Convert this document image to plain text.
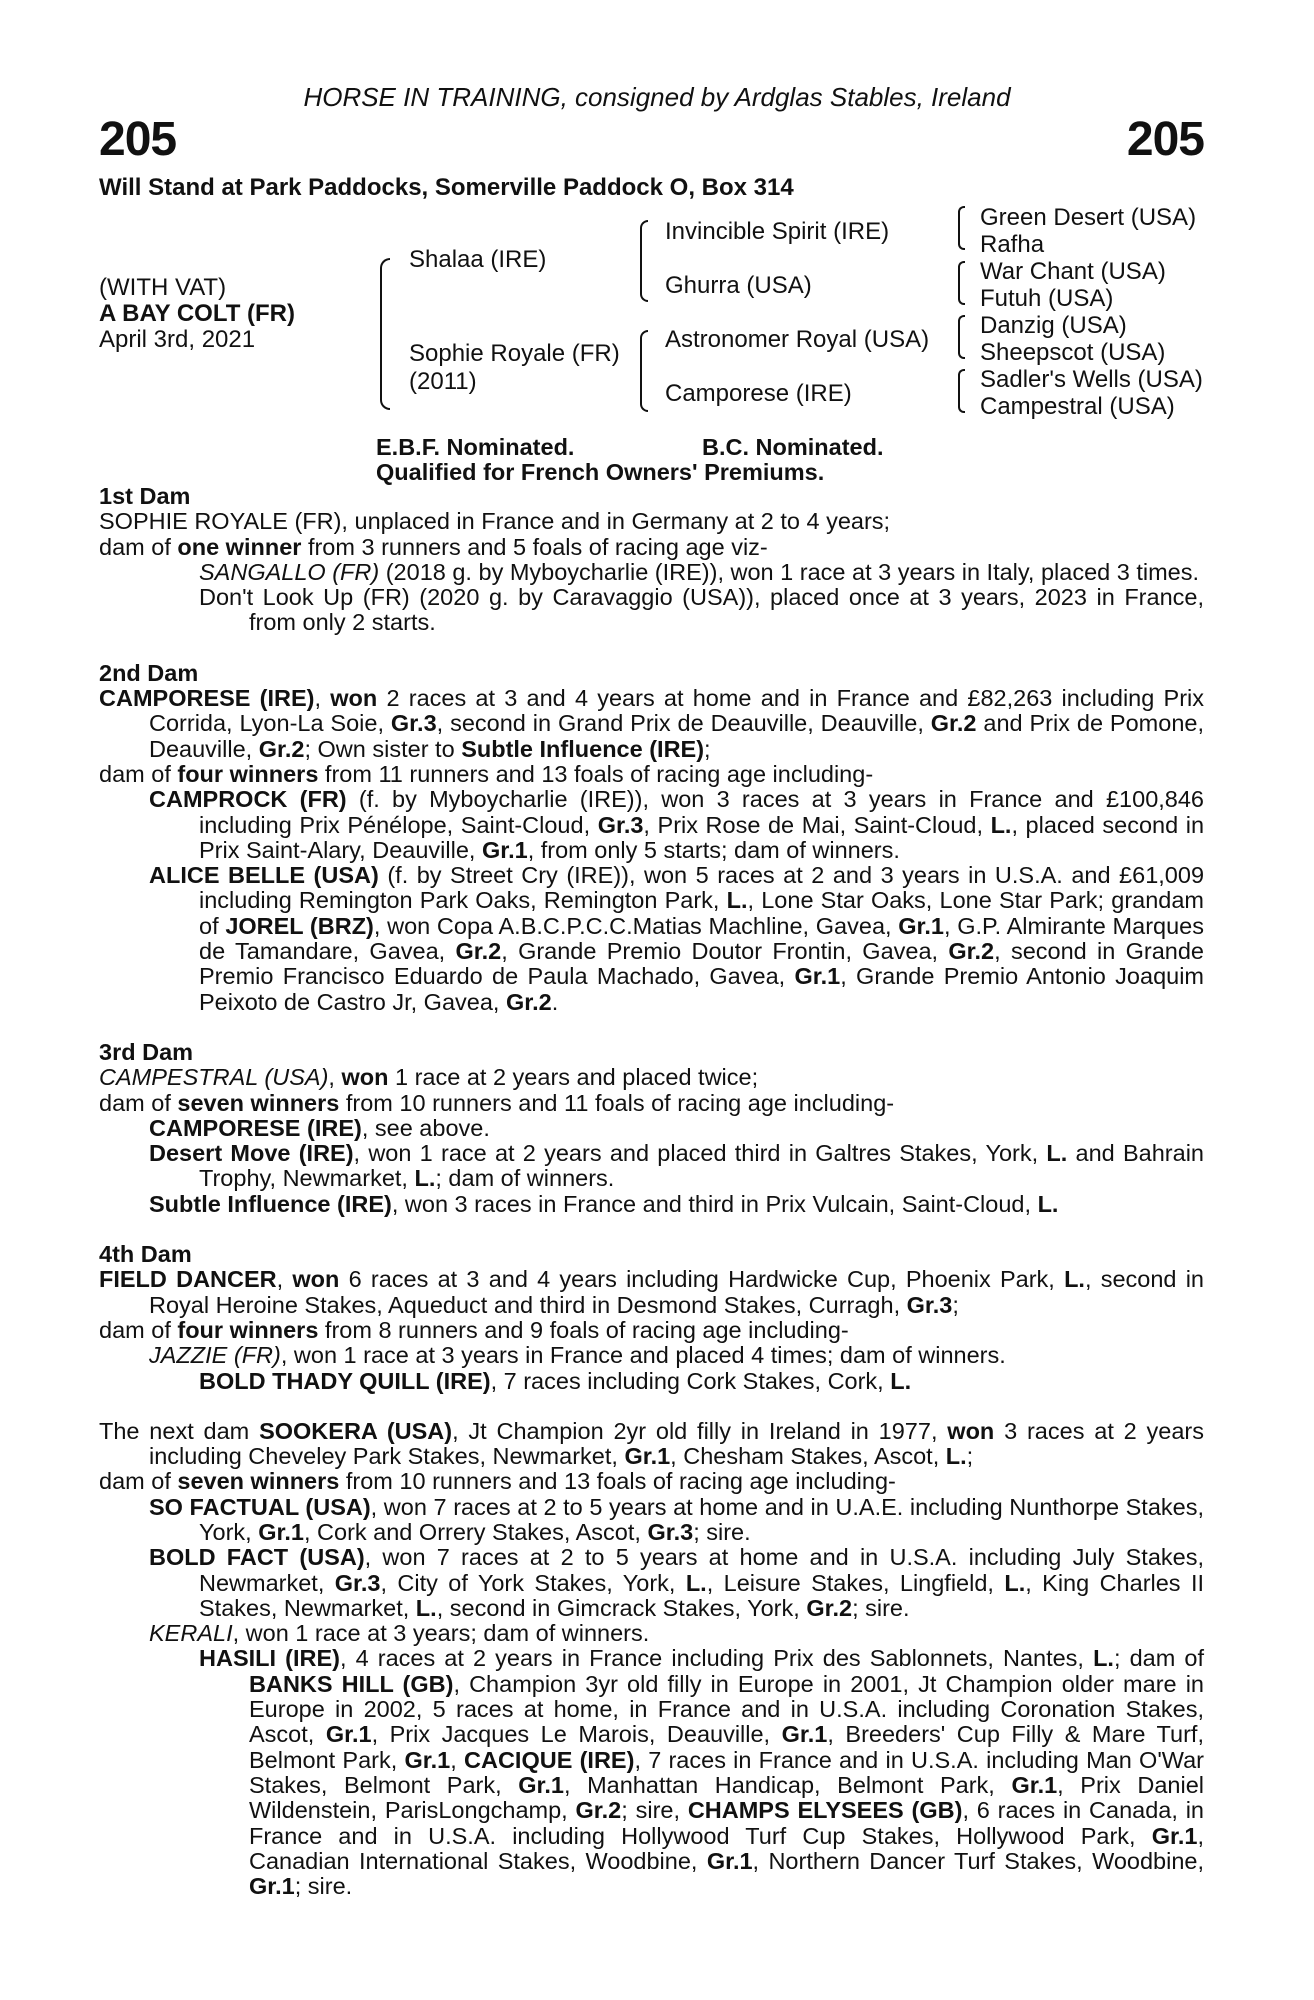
HORSE IN TRAINING, consigned by Ardglas Stables, Ireland
205	205
Will Stand at Park Paddocks, Somerville Paddock O, Box 314
(WITH VAT)
A BAY COLT (FR)
April 3rd, 2021
Shalaa (IRE)
Sophie Royale (FR)
(2011)
Invincible Spirit (IRE)
Ghurra (USA)
Astronomer Royal (USA)
Camporese (IRE)
Green Desert (USA)
Rafha
War Chant (USA)
Futuh (USA)
Danzig (USA)
Sheepscot (USA)
Sadler's Wells (USA)
Campestral (USA)
E.B.F. Nominated.	B.C. Nominated.
Qualified for French Owners' Premiums.

1st Dam

SOPHIE ROYALE (FR), unplaced in France and in Germany at 2 to 4 years;

dam of one winner from 3 runners and 5 foals of racing age viz-

SANGALLO (FR) (2018 g. by Myboycharlie (IRE)), won 1 race at 3 years in Italy, placed 3 times.

Don't Look Up (FR) (2020 g. by Caravaggio (USA)), placed once at 3 years, 2023 in France, from only 2 starts.

2nd Dam

CAMPORESE (IRE), won 2 races at 3 and 4 years at home and in France and £82,263 including Prix Corrida, Lyon-La Soie, Gr.3, second in Grand Prix de Deauville, Deauville, Gr.2 and Prix de Pomone, Deauville, Gr.2; Own sister to Subtle Influence (IRE);

dam of four winners from 11 runners and 13 foals of racing age including-

CAMPROCK (FR) (f. by Myboycharlie (IRE)), won 3 races at 3 years in France and £100,846 including Prix Pénélope, Saint-Cloud, Gr.3, Prix Rose de Mai, Saint-Cloud, L., placed second in Prix Saint-Alary, Deauville, Gr.1, from only 5 starts; dam of winners.

ALICE BELLE (USA) (f. by Street Cry (IRE)), won 5 races at 2 and 3 years in U.S.A. and £61,009 including Remington Park Oaks, Remington Park, L., Lone Star Oaks, Lone Star Park; grandam of JOREL (BRZ), won Copa A.B.C.P.C.C.Matias Machline, Gavea, Gr.1, G.P. Almirante Marques de Tamandare, Gavea, Gr.2, Grande Premio Doutor Frontin, Gavea, Gr.2, second in Grande Premio Francisco Eduardo de Paula Machado, Gavea, Gr.1, Grande Premio Antonio Joaquim Peixoto de Castro Jr, Gavea, Gr.2.

3rd Dam

CAMPESTRAL (USA), won 1 race at 2 years and placed twice;

dam of seven winners from 10 runners and 11 foals of racing age including-

CAMPORESE (IRE), see above.

Desert Move (IRE), won 1 race at 2 years and placed third in Galtres Stakes, York, L. and Bahrain Trophy, Newmarket, L.; dam of winners.

Subtle Influence (IRE), won 3 races in France and third in Prix Vulcain, Saint-Cloud, L.

4th Dam

FIELD DANCER, won 6 races at 3 and 4 years including Hardwicke Cup, Phoenix Park, L., second in Royal Heroine Stakes, Aqueduct and third in Desmond Stakes, Curragh, Gr.3;

dam of four winners from 8 runners and 9 foals of racing age including-

JAZZIE (FR), won 1 race at 3 years in France and placed 4 times; dam of winners.

BOLD THADY QUILL (IRE), 7 races including Cork Stakes, Cork, L.

The next dam SOOKERA (USA), Jt Champion 2yr old filly in Ireland in 1977, won 3 races at 2 years including Cheveley Park Stakes, Newmarket, Gr.1, Chesham Stakes, Ascot, L.;

dam of seven winners from 10 runners and 13 foals of racing age including-

SO FACTUAL (USA), won 7 races at 2 to 5 years at home and in U.A.E. including Nunthorpe Stakes, York, Gr.1, Cork and Orrery Stakes, Ascot, Gr.3; sire.

BOLD FACT (USA), won 7 races at 2 to 5 years at home and in U.S.A. including July Stakes, Newmarket, Gr.3, City of York Stakes, York, L., Leisure Stakes, Lingfield, L., King Charles II Stakes, Newmarket, L., second in Gimcrack Stakes, York, Gr.2; sire.

KERALI, won 1 race at 3 years; dam of winners.

HASILI (IRE), 4 races at 2 years in France including Prix des Sablonnets, Nantes, L.; dam of BANKS HILL (GB), Champion 3yr old filly in Europe in 2001, Jt Champion older mare in Europe in 2002, 5 races at home, in France and in U.S.A. including Coronation Stakes, Ascot, Gr.1, Prix Jacques Le Marois, Deauville, Gr.1, Breeders' Cup Filly & Mare Turf, Belmont Park, Gr.1, CACIQUE (IRE), 7 races in France and in U.S.A. including Man O'War Stakes, Belmont Park, Gr.1, Manhattan Handicap, Belmont Park, Gr.1, Prix Daniel Wildenstein, ParisLongchamp, Gr.2; sire, CHAMPS ELYSEES (GB), 6 races in Canada, in France and in U.S.A. including Hollywood Turf Cup Stakes, Hollywood Park, Gr.1, Canadian International Stakes, Woodbine, Gr.1, Northern Dancer Turf Stakes, Woodbine, Gr.1; sire.
